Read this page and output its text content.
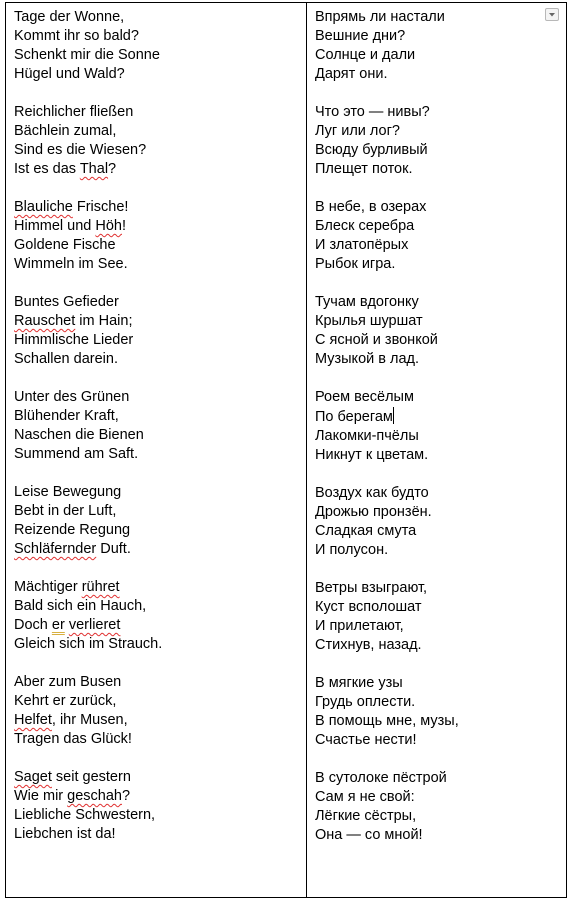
Tage der Wonne,
Kommt ihr so bald?
Schenkt mir die Sonne
Hügel und Wald?
Reichlicher fließen
Bächlein zumal,
Sind es die Wiesen?
Ist es das Thal?
Blauliche Frische!
Himmel und Höh!
Goldene Fische
Wimmeln im See.
Buntes Gefieder
Rauschet im Hain;
Himmlische Lieder
Schallen darein.
Unter des Grünen
Blühender Kraft,
Naschen die Bienen
Summend am Saft.
Leise Bewegung
Bebt in der Luft,
Reizende Regung
Schläfernder Duft.
Mächtiger rühret
Bald sich ein Hauch,
Doch er verlieret
Gleich sich im Strauch.
Aber zum Busen
Kehrt er zurück,
Helfet, ihr Musen,
Tragen das Glück!
Saget seit gestern
Wie mir geschah?
Liebliche Schwestern,
Liebchen ist da!
Впрямь ли настали
Вешние дни?
Солнце и дали
Дарят они.
Что это — нивы?
Луг или лог?
Всюду бурливый
Плещет поток.
В небе, в озерах
Блеск серебра
И златопёрых
Рыбок игра.
Тучам вдогонку
Крылья шуршат
С ясной и звонкой
Музыкой в лад.
Роем весёлым
По берегам
Лакомки-пчёлы
Никнут к цветам.
Воздух как будто
Дрожью пронзён.
Сладкая смута
И полусон.
Ветры взыграют,
Куст всполошат
И прилетают,
Стихнув, назад.
В мягкие узы
Грудь оплести.
В помощь мне, музы,
Счастье нести!
В сутолоке пёстрой
Сам я не свой:
Лёгкие сёстры,
Она — со мной!
